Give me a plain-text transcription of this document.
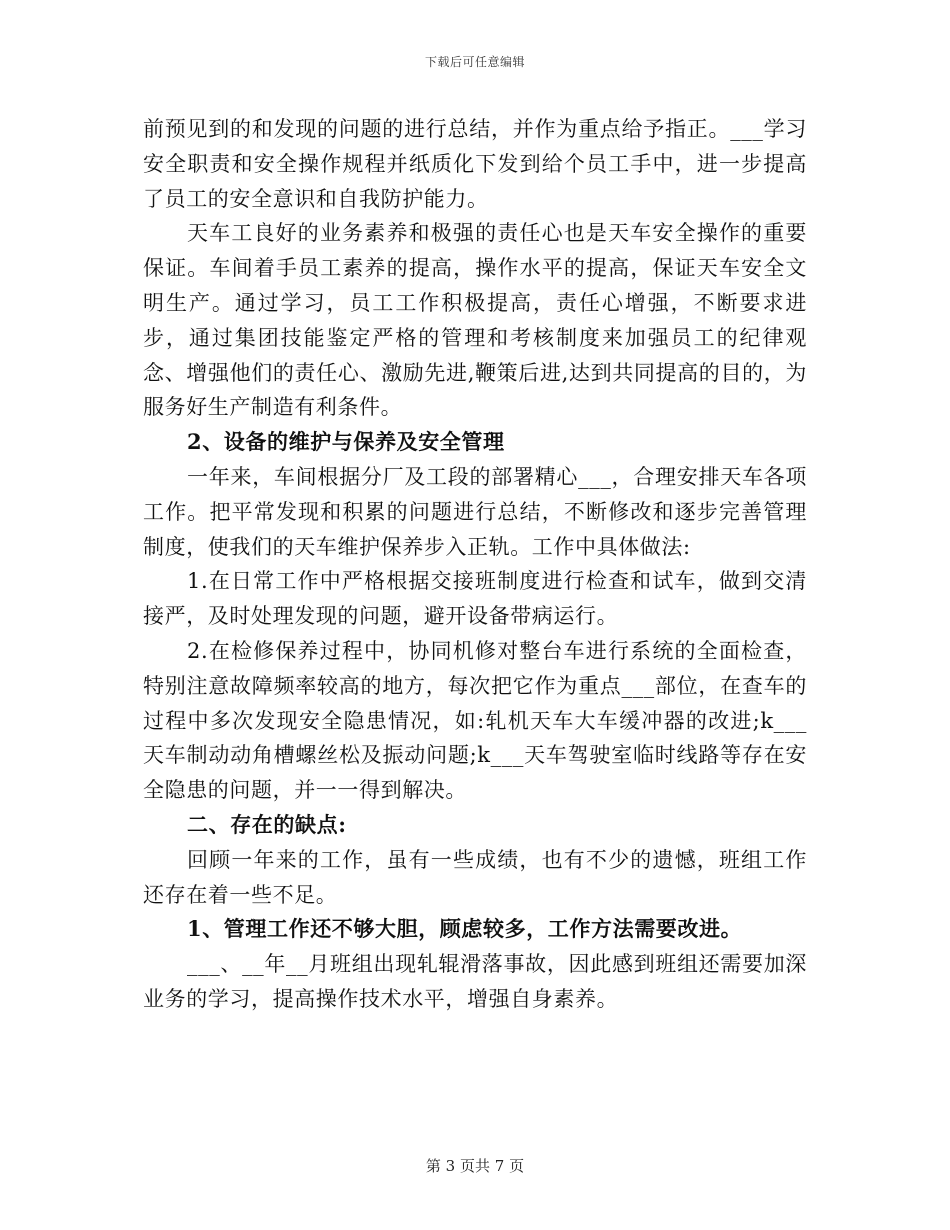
下载后可任意编辑

前预见到的和发现的问题的进行总结，并作为重点给予指正。___学习安全职责和安全操作规程并纸质化下发到给个员工手中，进一步提高了员工的安全意识和自我防护能力。

天车工良好的业务素养和极强的责任心也是天车安全操作的重要保证。车间着手员工素养的提高，操作水平的提高，保证天车安全文明生产。通过学习，员工工作积极提高，责任心增强，不断要求进步，通过集团技能鉴定严格的管理和考核制度来加强员工的纪律观念、增强他们的责任心、激励先进,鞭策后进,达到共同提高的目的，为服务好生产制造有利条件。

2、设备的维护与保养及安全管理

一年来，车间根据分厂及工段的部署精心___，合理安排天车各项工作。把平常发现和积累的问题进行总结，不断修改和逐步完善管理制度，使我们的天车维护保养步入正轨。工作中具体做法:

1.在日常工作中严格根据交接班制度进行检查和试车，做到交清接严，及时处理发现的问题，避开设备带病运行。

2.在检修保养过程中，协同机修对整台车进行系统的全面检查，特别注意故障频率较高的地方，每次把它作为重点___部位，在查车的过程中多次发现安全隐患情况，如:轧机天车大车缓冲器的改进;k___天车制动动角槽螺丝松及振动问题;k___天车驾驶室临时线路等存在安全隐患的问题，并一一得到解决。

二、存在的缺点:

回顾一年来的工作，虽有一些成绩，也有不少的遗憾，班组工作还存在着一些不足。

1、管理工作还不够大胆，顾虑较多，工作方法需要改进。

___、__年__月班组出现轧辊滑落事故，因此感到班组还需要加深业务的学习，提高操作技术水平，增强自身素养。

第 3 页共 7 页
